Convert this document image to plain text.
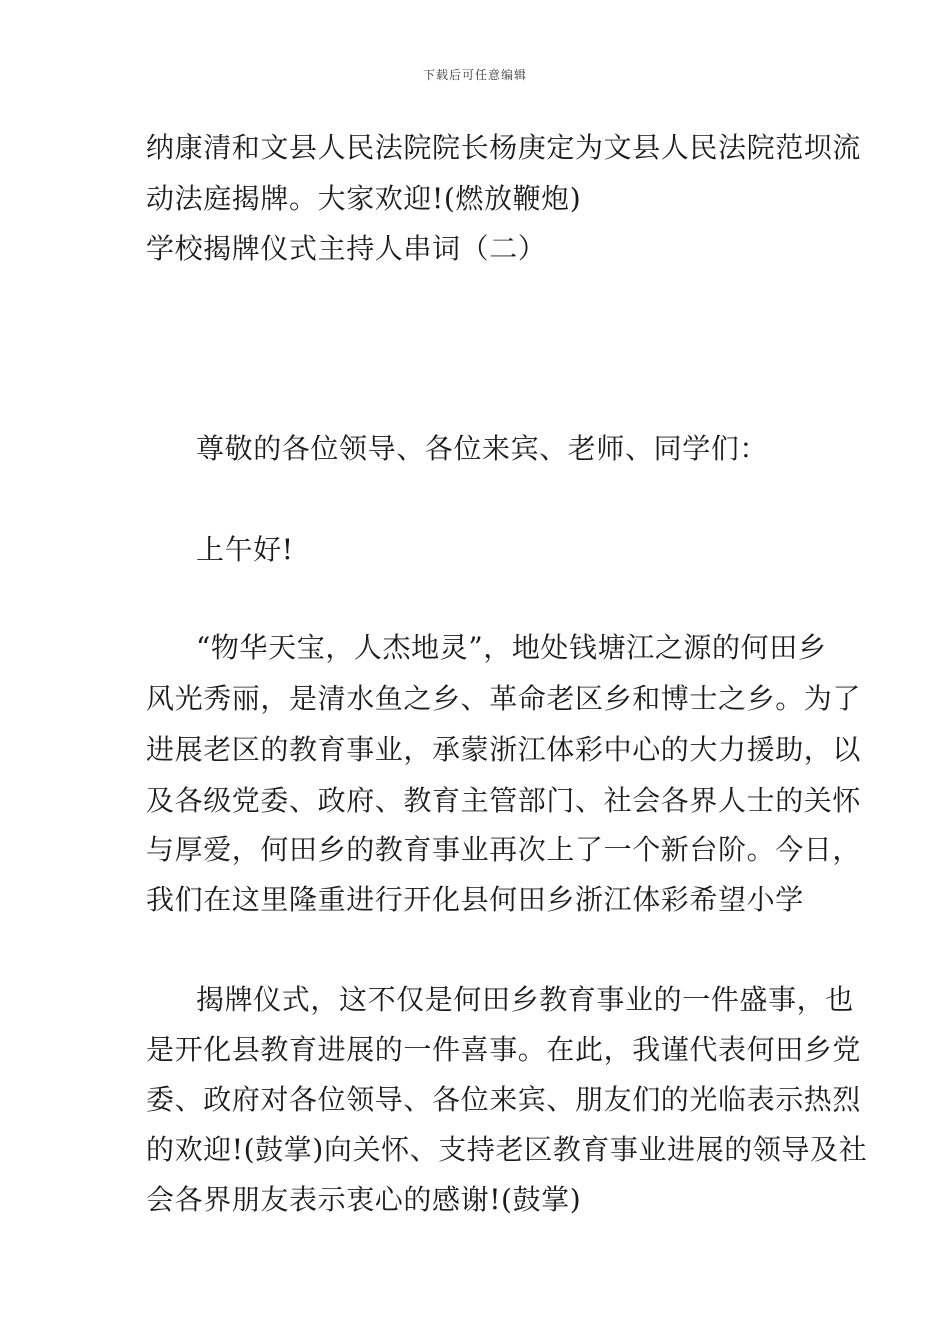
下载后可任意编辑
纳康清和文县人民法院院长杨庚定为文县人民法院范坝流
动法庭揭牌。大家欢迎!(燃放鞭炮)
学校揭牌仪式主持人串词（二）
尊敬的各位领导、各位来宾、老师、同学们：
上午好!
“物华天宝，人杰地灵”，地处钱塘江之源的何田乡
风光秀丽，是清水鱼之乡、革命老区乡和博士之乡。为了
进展老区的教育事业，承蒙浙江体彩中心的大力援助，以
及各级党委、政府、教育主管部门、社会各界人士的关怀
与厚爱，何田乡的教育事业再次上了一个新台阶。今日，
我们在这里隆重进行开化县何田乡浙江体彩希望小学
揭牌仪式，这不仅是何田乡教育事业的一件盛事，也
是开化县教育进展的一件喜事。在此，我谨代表何田乡党
委、政府对各位领导、各位来宾、朋友们的光临表示热烈
的欢迎!(鼓掌)向关怀、支持老区教育事业进展的领导及社
会各界朋友表示衷心的感谢!(鼓掌)
